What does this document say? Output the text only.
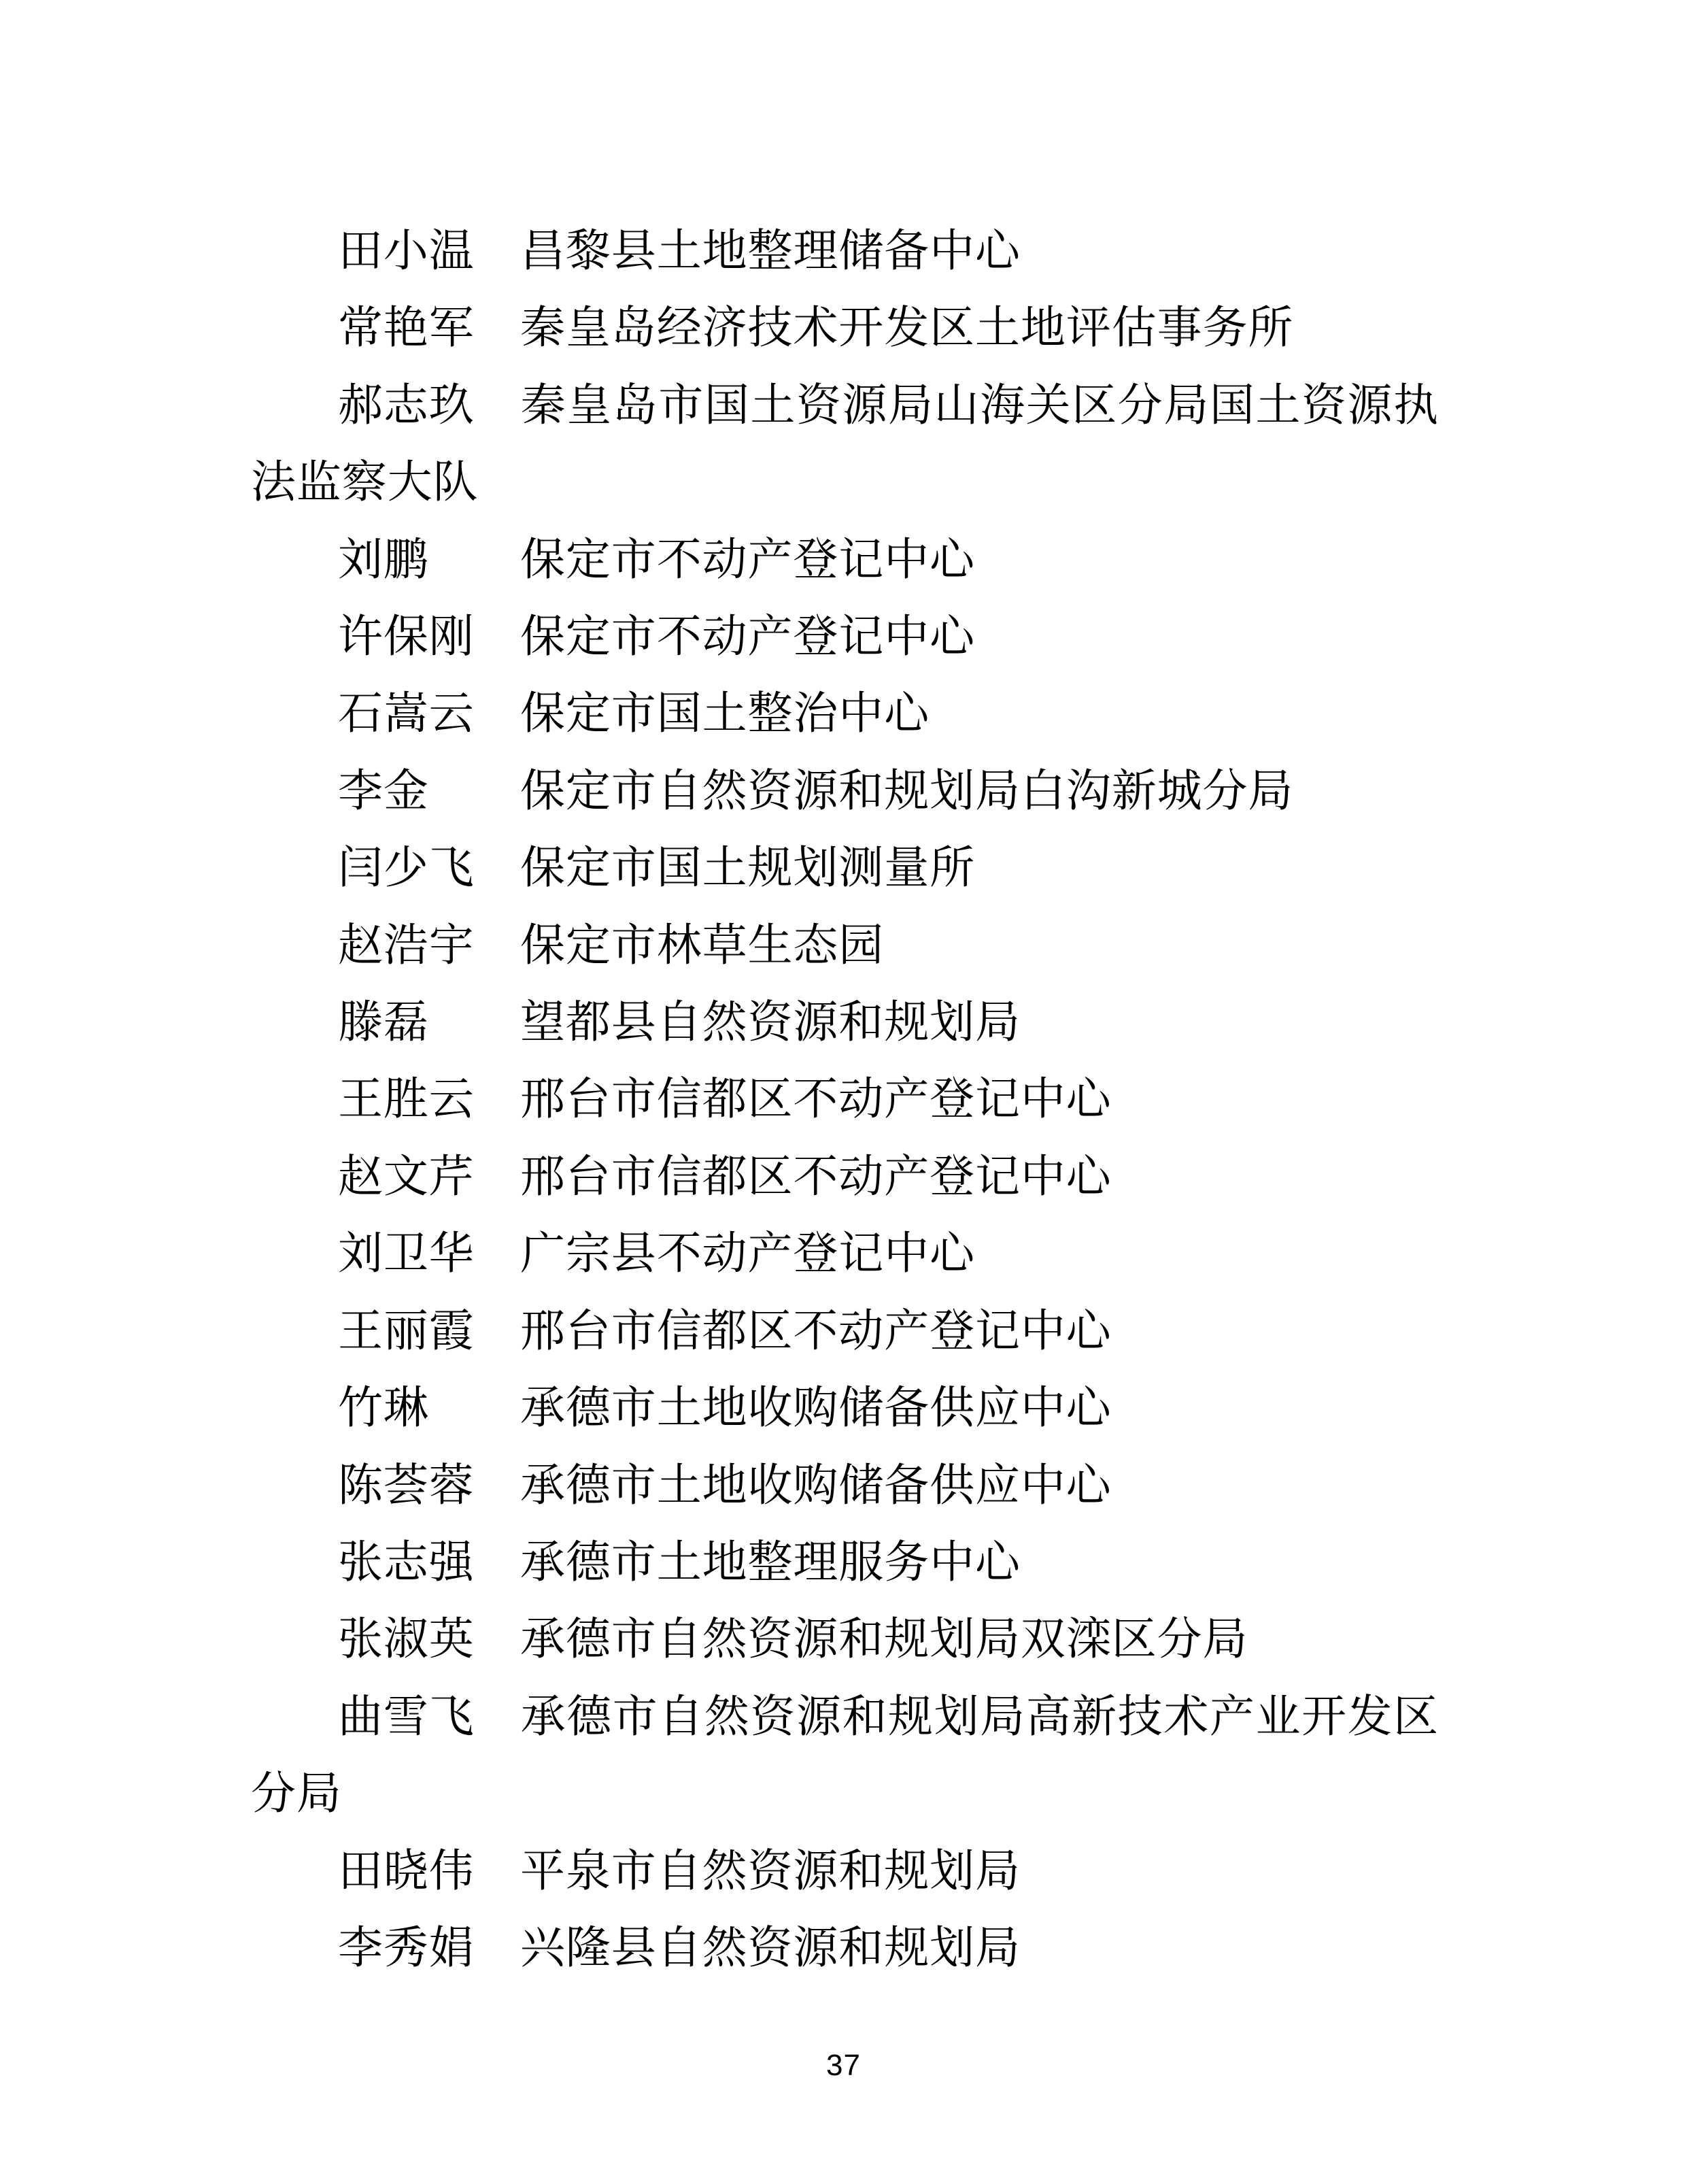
田小温 昌黎县土地整理储备中心

常艳军 秦皇岛经济技术开发区土地评估事务所

郝志玖 秦皇岛市国土资源局山海关区分局国土资源执法监察大队

刘鹏 保定市不动产登记中心

许保刚 保定市不动产登记中心

石嵩云 保定市国土整治中心

李金 保定市自然资源和规划局白沟新城分局

闫少飞 保定市国土规划测量所

赵浩宇 保定市林草生态园

滕磊 望都县自然资源和规划局

王胜云 邢台市信都区不动产登记中心

赵文芹 邢台市信都区不动产登记中心

刘卫华 广宗县不动产登记中心

王丽霞 邢台市信都区不动产登记中心

竹琳 承德市土地收购储备供应中心

陈荟蓉 承德市土地收购储备供应中心

张志强 承德市土地整理服务中心

张淑英 承德市自然资源和规划局双滦区分局

曲雪飞 承德市自然资源和规划局高新技术产业开发区分局

田晓伟 平泉市自然资源和规划局

李秀娟 兴隆县自然资源和规划局

37
